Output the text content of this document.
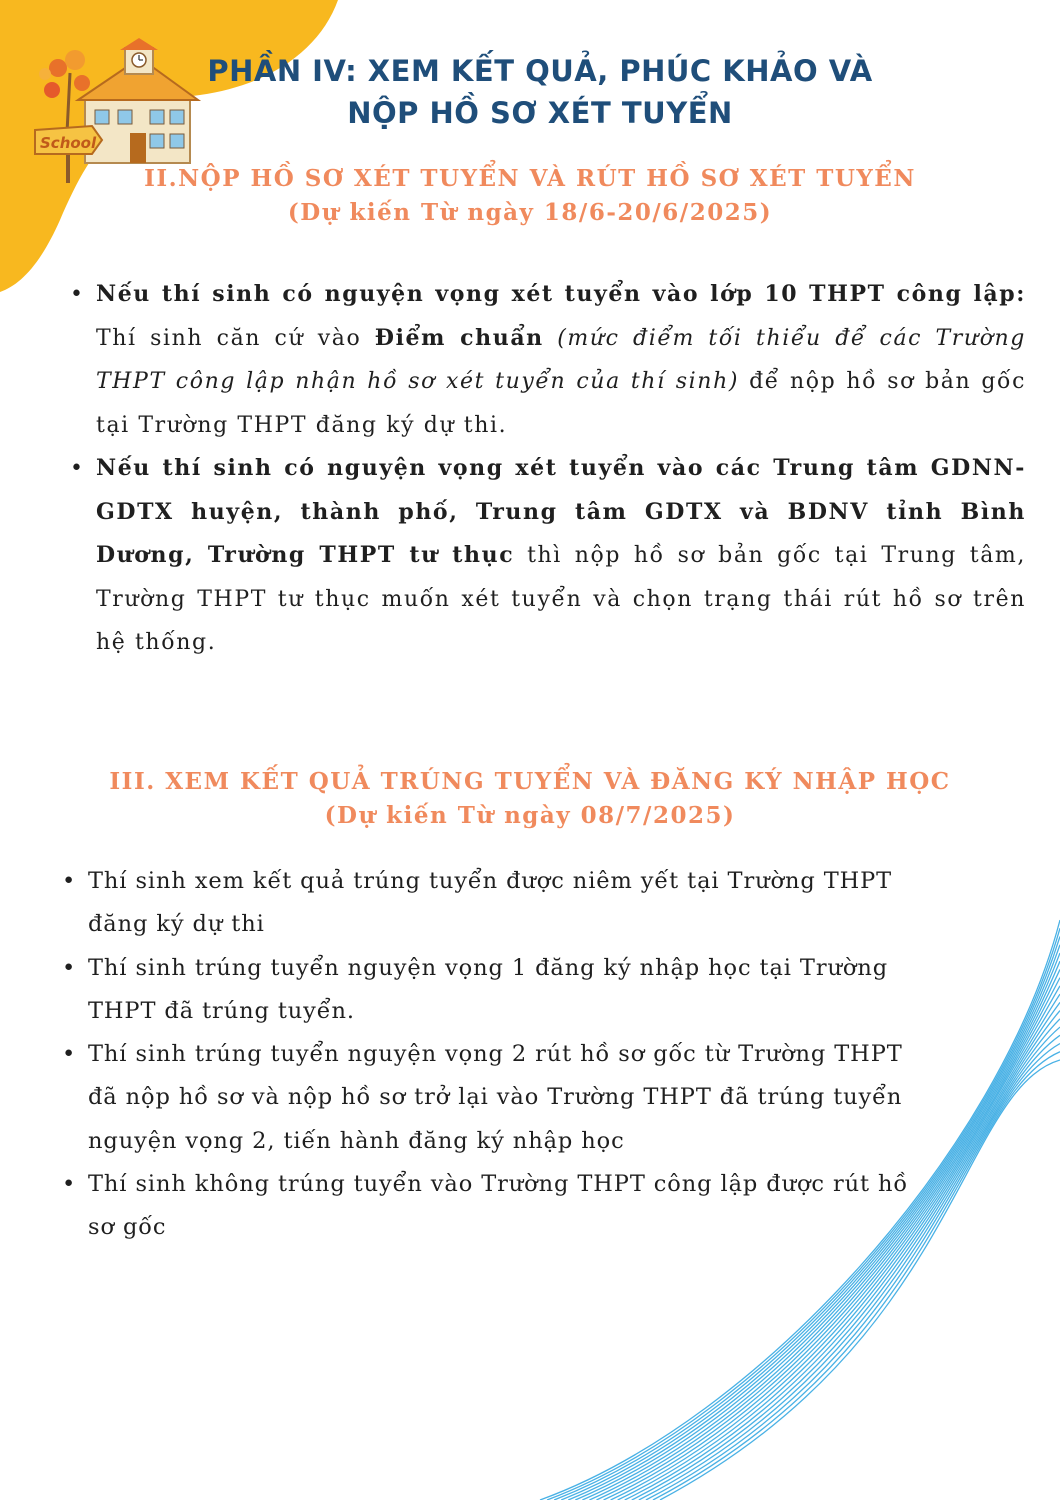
School
PHẦN IV: XEM KẾT QUẢ, PHÚC KHẢO VÀ
NỘP HỒ SƠ XÉT TUYỂN
II.NỘP HỒ SƠ XÉT TUYỂN VÀ RÚT HỒ SƠ XÉT TUYỂN
(Dự kiến Từ ngày 18/6-20/6/2025)
• Nếu thí sinh có nguyện vọng xét tuyển vào lớp 10 THPT công lập: Thí sinh căn cứ vào Điểm chuẩn (mức điểm tối thiểu để các Trường THPT công lập nhận hồ sơ xét tuyển của thí sinh) để nộp hồ sơ bản gốc tại Trường THPT đăng ký dự thi.
• Nếu thí sinh có nguyện vọng xét tuyển vào các Trung tâm GDNN-GDTX huyện, thành phố, Trung tâm GDTX và BDNV tỉnh Bình Dương, Trường THPT tư thục thì nộp hồ sơ bản gốc tại Trung tâm, Trường THPT tư thục muốn xét tuyển và chọn trạng thái rút hồ sơ trên hệ thống.
III. XEM KẾT QUẢ TRÚNG TUYỂN VÀ ĐĂNG KÝ NHẬP HỌC
(Dự kiến Từ ngày 08/7/2025)
• Thí sinh xem kết quả trúng tuyển được niêm yết tại Trường THPT
đăng ký dự thi
• Thí sinh trúng tuyển nguyện vọng 1 đăng ký nhập học tại Trường
THPT đã trúng tuyển.
• Thí sinh trúng tuyển nguyện vọng 2 rút hồ sơ gốc từ Trường THPT
đã nộp hồ sơ và nộp hồ sơ trở lại vào Trường THPT đã trúng tuyển
nguyện vọng 2, tiến hành đăng ký nhập học
• Thí sinh không trúng tuyển vào Trường THPT công lập được rút hồ
sơ gốc
